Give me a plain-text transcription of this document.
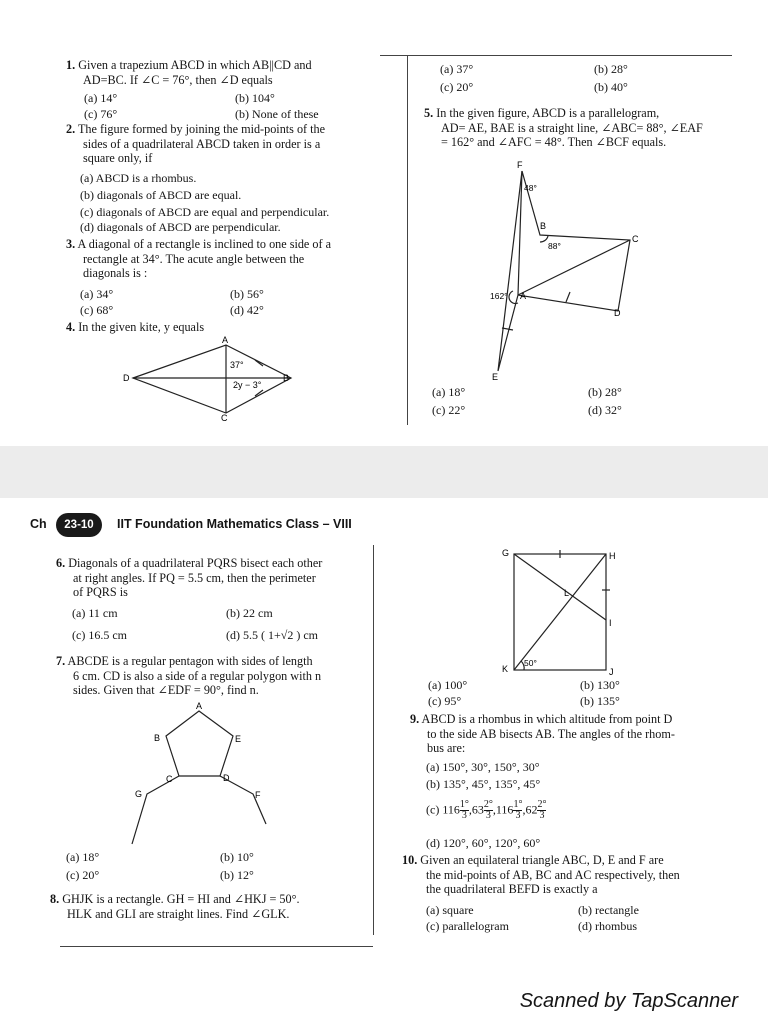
1. Given a trapezium ABCD in which AB||CD and
AD=BC. If ∠C = 76°, then ∠D equals
(a) 14°	(b) 104°
(c) 76°	(b) None of these
2. The figure formed by joining the mid-points of the
sides of a quadrilateral ABCD taken in order is a
square only, if
(a) ABCD is a rhombus.
(b) diagonals of ABCD are equal.
(c) diagonals of ABCD are equal and perpendicular.
(d) diagonals of ABCD are perpendicular.
3. A diagonal of a rectangle is inclined to one side of a
rectangle at 34°. The acute angle between the
diagonals is :
(a) 34°	(b) 56°
(c) 68°	(d) 42°
4. In the given kite, y equals
A
B
C
D
37°
2y − 3°
(a) 37°	(b) 28°
(c) 20°	(b) 40°
5. In the given figure, ABCD is a parallelogram,
AD= AE, BAE is a straight line, ∠ABC= 88°, ∠EAF
= 162° and ∠AFC = 48°. Then ∠BCF equals.
F
B
C
A
D
E
48°
88°
162°
(a) 18°	(b) 28°
(c) 22°	(d) 32°
Ch	23-10	IIT Foundation Mathematics Class – VIII
6. Diagonals of a quadrilateral PQRS bisect each other
at right angles. If PQ = 5.5 cm, then the perimeter
of PQRS is
(a) 11 cm	(b) 22 cm
(c) 16.5 cm	(d) 5.5 ( 1+√2 ) cm
7. ABCDE is a regular pentagon with sides of length
6 cm. CD is also a side of a regular polygon with n
sides. Given that ∠EDF = 90°, find n.
A
B	E
C	D
G	F
(a) 18°	(b) 10°
(c) 20°	(b) 12°
8. GHJK is a rectangle. GH = HI and ∠HKJ = 50°.
HLK and GLI are straight lines. Find ∠GLK.
G	H
L
I
K	J
50°
(a) 100°	(b) 130°
(c) 95°	(b) 135°
9. ABCD is a rhombus in which altitude from point D
to the side AB bisects AB. The angles of the rhom-
bus are:
(a) 150°, 30°, 150°, 30°
(b) 135°, 45°, 135°, 45°
(c) $116 \frac{1^\circ}{3},63 \frac{2^\circ}{3},116 \frac{1^\circ}{3},62 \frac{2^\circ}{3}$
(d) 120°, 60°, 120°, 60°
10. Given an equilateral triangle ABC, D, E and F are
the mid-points of AB, BC and AC respectively, then
the quadrilateral BEFD is exactly a
(a) square	(b) rectangle
(c) parallelogram	(d) rhombus
Scanned by TapScanner
